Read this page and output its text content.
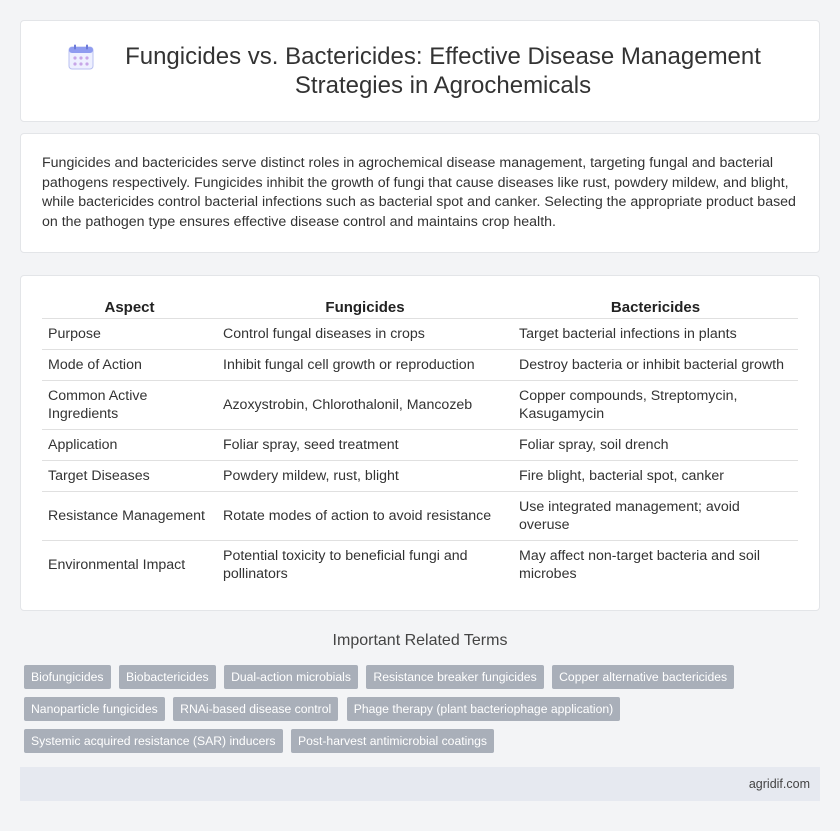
Fungicides vs. Bactericides: Effective Disease Management Strategies in Agrochemicals

Fungicides and bactericides serve distinct roles in agrochemical disease management, targeting fungal and bacterial pathogens respectively. Fungicides inhibit the growth of fungi that cause diseases like rust, powdery mildew, and blight, while bactericides control bacterial infections such as bacterial spot and canker. Selecting the appropriate product based on the pathogen type ensures effective disease control and maintains crop health.

Aspect	Fungicides	Bactericides
Purpose	Control fungal diseases in crops	Target bacterial infections in plants
Mode of Action	Inhibit fungal cell growth or reproduction	Destroy bacteria or inhibit bacterial growth
Common Active Ingredients	Azoxystrobin, Chlorothalonil, Mancozeb	Copper compounds, Streptomycin, Kasugamycin
Application	Foliar spray, seed treatment	Foliar spray, soil drench
Target Diseases	Powdery mildew, rust, blight	Fire blight, bacterial spot, canker
Resistance Management	Rotate modes of action to avoid resistance	Use integrated management; avoid overuse
Environmental Impact	Potential toxicity to beneficial fungi and pollinators	May affect non-target bacteria and soil microbes
Important Related Terms
Biofungicides Biobactericides Dual-action microbials Resistance breaker fungicides Copper alternative bactericides
Nanoparticle fungicides RNAi-based disease control Phage therapy (plant bacteriophage application)
Systemic acquired resistance (SAR) inducers Post-harvest antimicrobial coatings
agridif.com
